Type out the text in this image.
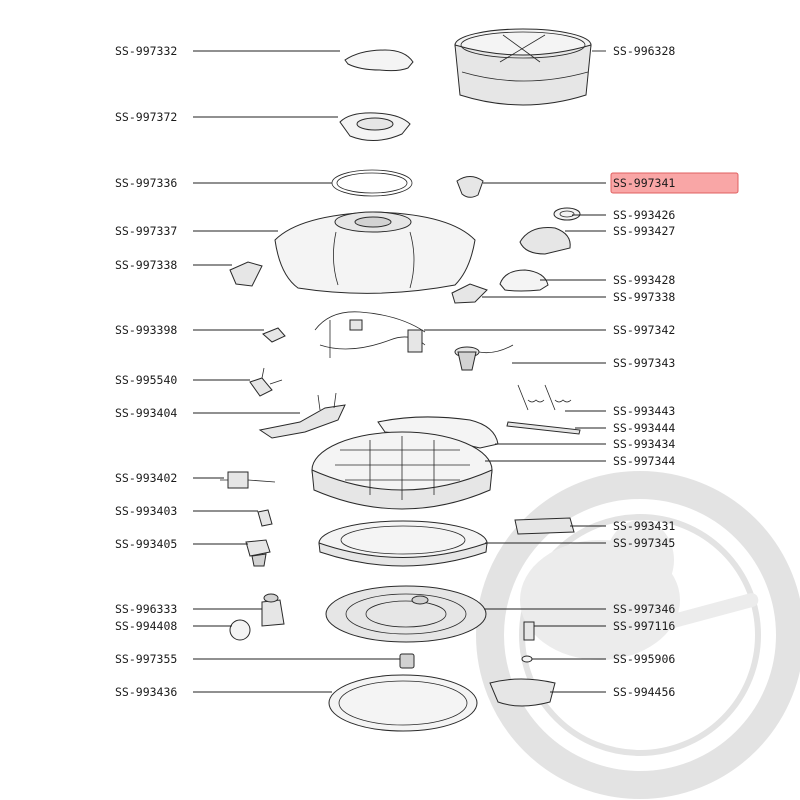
SS-997332
SS-997372
SS-997336
SS-997337
SS-997338
SS-993398
SS-995540
SS-993404
SS-993402
SS-993403
SS-993405
SS-996333
SS-994408
SS-997355
SS-993436
SS-996328
SS-997341
SS-993426
SS-993427
SS-993428
SS-997338
SS-997342
SS-997343
SS-993443
SS-993444
SS-993434
SS-997344
SS-993431
SS-997345
SS-997346
SS-997116
SS-995906
SS-994456
